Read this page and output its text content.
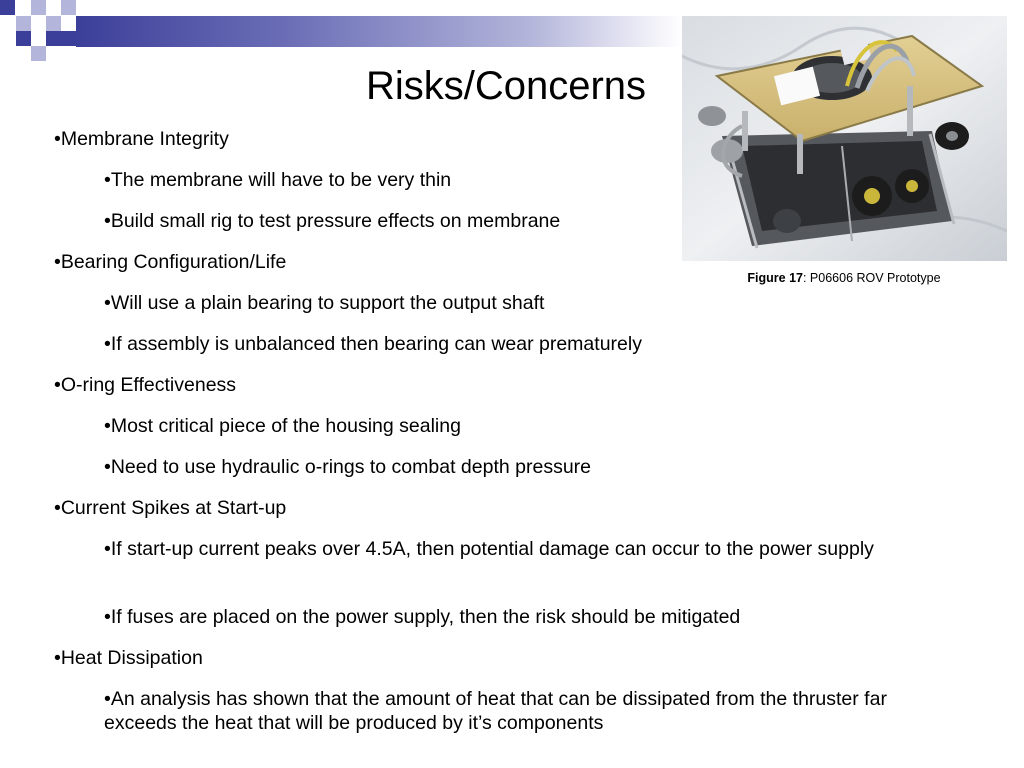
Risks/Concerns
Figure 17: P06606 ROV Prototype
•Membrane Integrity
•The membrane will have to be very thin
•Build small rig to test pressure effects on membrane
•Bearing Configuration/Life
•Will use a plain bearing to support the output shaft
•If assembly is unbalanced then bearing can wear prematurely
•O-ring Effectiveness
•Most critical piece of the housing sealing
•Need to use hydraulic o-rings to combat depth pressure
•Current Spikes at Start-up
•If start-up current peaks over 4.5A, then potential damage can occur to the power supply
•If fuses are placed on the power supply, then the risk should be mitigated
•Heat Dissipation
•An analysis has shown that the amount of heat that can be dissipated from the thruster far exceeds the heat that will be produced by it’s components
